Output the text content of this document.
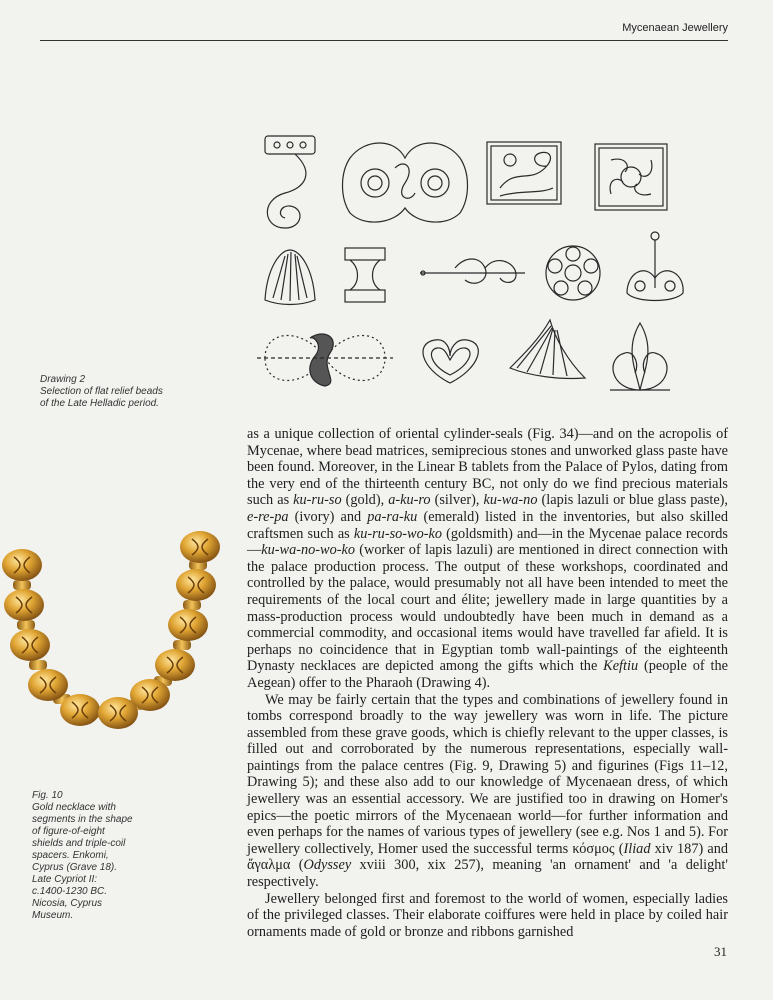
Mycenaean Jewellery

Drawing 2

Selection of flat relief beads

of the Late Helladic period.

Fig. 10

Gold necklace with

segments in the shape

of figure-of-eight

shields and triple-coil

spacers. Enkomi,

Cyprus (Grave 18).

Late Cypriot II:

c.1400-1230 BC.

Nicosia, Cyprus

Museum.

as a unique collection of oriental cylinder-seals (Fig. 34)—and on the acropolis of Mycenae, where bead matrices, semiprecious stones and unworked glass paste have been found. Moreover, in the Linear B tablets from the Palace of Pylos, dating from the very end of the thirteenth century BC, not only do we find precious materials such as ku-ru-so (gold), a-ku-ro (silver), ku-wa-no (lapis lazuli or blue glass paste), e-re-pa (ivory) and pa-ra-ku (emerald) listed in the inventories, but also skilled craftsmen such as ku-ru-so-wo-ko (goldsmith) and—in the Mycenae palace records—ku-wa-no-wo-ko (worker of lapis lazuli) are mentioned in direct connection with the palace production process. The output of these workshops, coordinated and controlled by the palace, would presumably not all have been intended to meet the requirements of the local court and élite; jewellery made in large quantities by a mass-production process would undoubtedly have been much in demand as a commercial commodity, and occasional items would have travelled far afield. It is perhaps no coincidence that in Egyptian tomb wall-paintings of the eighteenth Dynasty necklaces are depicted among the gifts which the Keftiu (people of the Aegean) offer to the Pharaoh (Drawing 4).

We may be fairly certain that the types and combinations of jewellery found in tombs correspond broadly to the way jewellery was worn in life. The picture assembled from these grave goods, which is chiefly relevant to the upper classes, is filled out and corroborated by the numerous representations, especially wall-paintings from the palace centres (Fig. 9, Drawing 5) and figurines (Figs 11–12, Drawing 5); and these also add to our knowledge of Mycenaean dress, of which jewellery was an essential accessory. We are justified too in drawing on Homer's epics—the poetic mirrors of the Mycenaean world—for further information and even perhaps for the names of various types of jewellery (see e.g. Nos 1 and 5). For jewellery collectively, Homer used the successful terms κόσμος (Iliad xiv 187) and ἄγαλμα (Odyssey xviii 300, xix 257), meaning 'an ornament' and 'a delight' respectively.

Jewellery belonged first and foremost to the world of women, especially ladies of the privileged classes. Their elaborate coiffures were held in place by coiled hair ornaments made of gold or bronze and ribbons garnished

31
